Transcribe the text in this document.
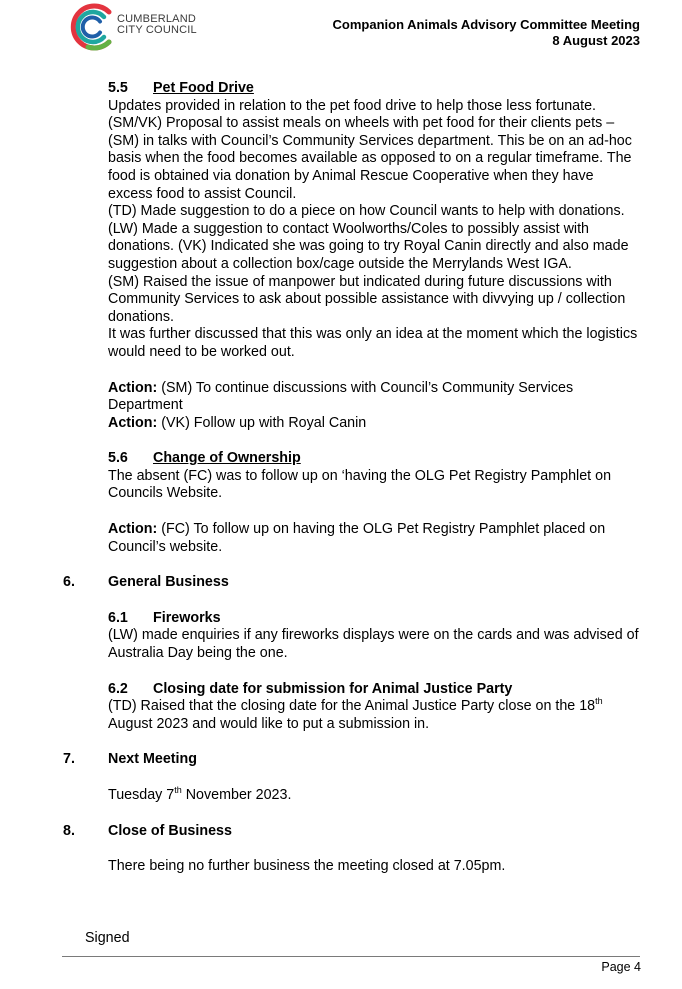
CUMBERLAND
CITY COUNCIL	Companion Animals Advisory Committee Meeting
8 August 2023
5.5 Pet Food Drive
Updates provided in relation to the pet food drive to help those less fortunate.
(SM/VK) Proposal to assist meals on wheels with pet food for their clients pets – (SM) in talks with Council’s Community Services department. This be on an ad-hoc basis when the food becomes available as opposed to on a regular timeframe. The food is obtained via donation by Animal Rescue Cooperative when they have excess food to assist Council.
(TD) Made suggestion to do a piece on how Council wants to help with donations.
(LW) Made a suggestion to contact Woolworths/Coles to possibly assist with donations. (VK) Indicated she was going to try Royal Canin directly and also made suggestion about a collection box/cage outside the Merrylands West IGA.
(SM) Raised the issue of manpower but indicated during future discussions with Community Services to ask about possible assistance with divvying up / collection donations.
It was further discussed that this was only an idea at the moment which the logistics would need to be worked out.
Action: (SM) To continue discussions with Council’s Community Services Department
Action: (VK) Follow up with Royal Canin
5.6 Change of Ownership
The absent (FC) was to follow up on ‘having the OLG Pet Registry Pamphlet on Councils Website.
Action: (FC) To follow up on having the OLG Pet Registry Pamphlet placed on Council’s website.
6. General Business
6.1 Fireworks
(LW) made enquiries if any fireworks displays were on the cards and was advised of Australia Day being the one.
6.2 Closing date for submission for Animal Justice Party
(TD) Raised that the closing date for the Animal Justice Party close on the 18th August 2023 and would like to put a submission in.
7. Next Meeting
Tuesday 7th November 2023.
8. Close of Business
There being no further business the meeting closed at 7.05pm.
Signed
Page 4
